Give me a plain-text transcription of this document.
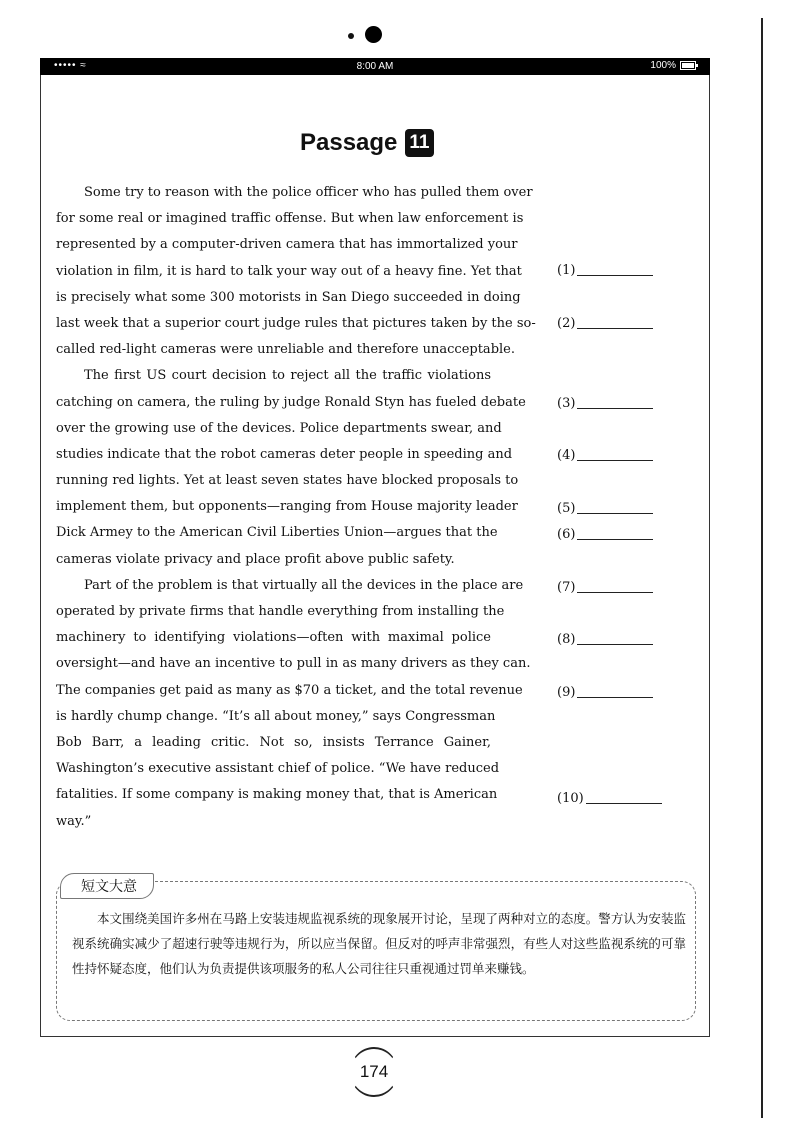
••••• ≈	8:00 AM	100%
Passage 11
Some try to reason with the police officer who has pulled them over
for some real or imagined traffic offense. But when law enforcement is
represented by a computer-driven camera that has immortalized your
violation in film, it is hard to talk your way out of a heavy fine. Yet that
is precisely what some 300 motorists in San Diego succeeded in doing
last week that a superior court judge rules that pictures taken by the so-
called red-light cameras were unreliable and therefore unacceptable.
The first US court decision to reject all the traffic violations
catching on camera, the ruling by judge Ronald Styn has fueled debate
over the growing use of the devices. Police departments swear, and
studies indicate that the robot cameras deter people in speeding and
running red lights. Yet at least seven states have blocked proposals to
implement them, but opponents—ranging from House majority leader
Dick Armey to the American Civil Liberties Union—argues that the
cameras violate privacy and place profit above public safety.
Part of the problem is that virtually all the devices in the place are
operated by private firms that handle everything from installing the
machinery to identifying violations—often with maximal police
oversight—and have an incentive to pull in as many drivers as they can.
The companies get paid as many as $70 a ticket, and the total revenue
is hardly chump change. “It’s all about money,” says Congressman
Bob Barr, a leading critic. Not so, insists Terrance Gainer,
Washington’s executive assistant chief of police. “We have reduced
fatalities. If some company is making money that, that is American
way.”
(1)
(2)
(3)
(4)
(5)
(6)
(7)
(8)
(9)
(10)
短文大意
本文围绕美国许多州在马路上安装违规监视系统的现象展开讨论，呈现了两种对立的态度。警方认为安装监视系统确实减少了超速行驶等违规行为，所以应当保留。但反对的呼声非常强烈，有些人对这些监视系统的可靠性持怀疑态度，他们认为负责提供该项服务的私人公司往往只重视通过罚单来赚钱。
174
